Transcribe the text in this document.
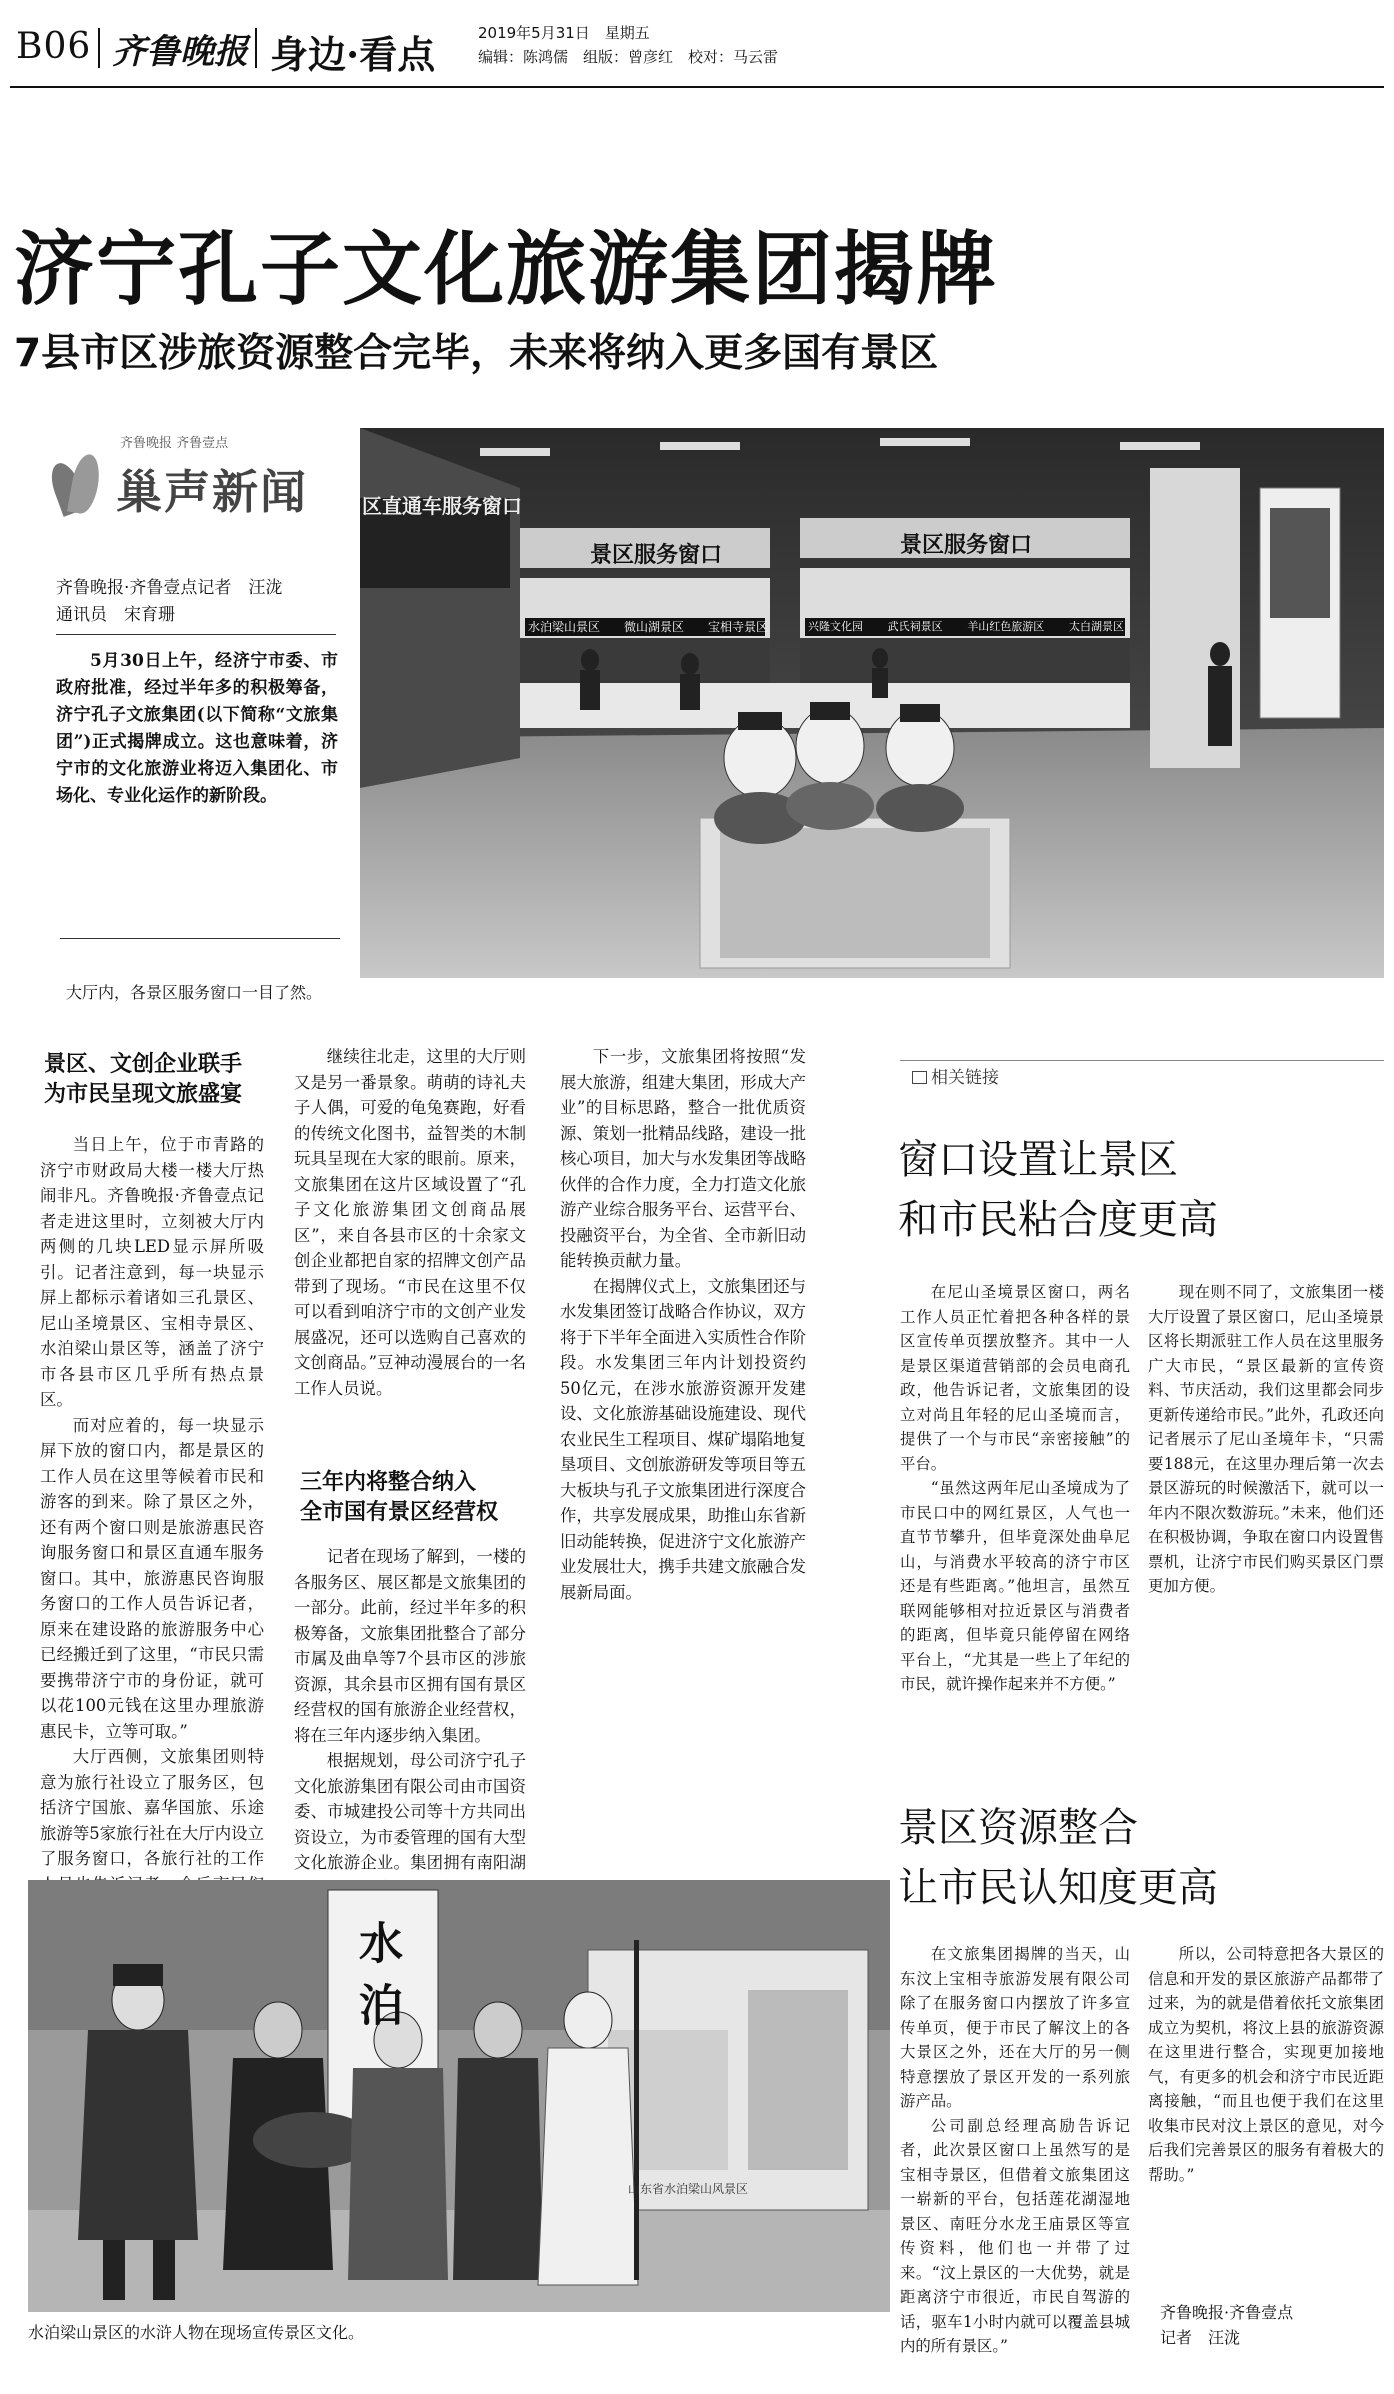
B06 齐鲁晚报 身边·看点	2019年5月31日　星期五
编辑：陈鸿儒　组版：曾彦红　校对：马云雷
济宁孔子文化旅游集团揭牌
7县市区涉旅资源整合完毕，未来将纳入更多国有景区
齐鲁晚报 齐鲁壹点
巢声新闻
齐鲁晚报·齐鲁壹点记者　汪泷
通讯员　宋育珊
5月30日上午，经济宁市委、市政府批准，经过半年多的积极筹备，济宁孔子文旅集团(以下简称“文旅集团”)正式揭牌成立。这也意味着，济宁市的文化旅游业将迈入集团化、市场化、专业化运作的新阶段。
区直通车服务窗口
景区服务窗口	景区服务窗口
水泊梁山景区 微山湖景区 宝相寺景区	兴隆文化园 武氏祠景区 羊山红色旅游区 太白湖景区
大厅内，各景区服务窗口一目了然。
景区、文创企业联手
为市民呈现文旅盛宴

当日上午，位于市青路的济宁市财政局大楼一楼大厅热闹非凡。齐鲁晚报·齐鲁壹点记者走进这里时，立刻被大厅内两侧的几块LED显示屏所吸引。记者注意到，每一块显示屏上都标示着诸如三孔景区、尼山圣境景区、宝相寺景区、水泊梁山景区等，涵盖了济宁市各县市区几乎所有热点景区。

而对应着的，每一块显示屏下放的窗口内，都是景区的工作人员在这里等候着市民和游客的到来。除了景区之外，还有两个窗口则是旅游惠民咨询服务窗口和景区直通车服务窗口。其中，旅游惠民咨询服务窗口的工作人员告诉记者，原来在建设路的旅游服务中心已经搬迁到了这里，“市民只需要携带济宁市的身份证，就可以花100元钱在这里办理旅游惠民卡，立等可取。”

大厅西侧，文旅集团则特意为旅行社设立了服务区，包括济宁国旅、嘉华国旅、乐途旅游等5家旅行社在大厅内设立了服务窗口，各旅行社的工作

继续往北走，这里的大厅则又是另一番景象。萌萌的诗礼夫子人偶，可爱的龟兔赛跑，好看的传统文化图书，益智类的木制玩具呈现在大家的眼前。原来，文旅集团在这片区域设置了“孔子文化旅游集团文创商品展区”，来自各县市区的十余家文创企业都把自家的招牌文创产品带到了现场。“市民在这里不仅可以看到咱济宁市的文创产业发展盛况，还可以选购自己喜欢的文创商品。”豆神动漫展台的一名工作人员说。

三年内将整合纳入
全市国有景区经营权

记者在现场了解到，一楼的各服务区、展区都是文旅集团的一部分。此前，经过半年多的积极筹备，文旅集团批整合了部分市属及曲阜等7个县市区的涉旅资源，其余县市区拥有国有景区经营权的国有旅游企业经营权，将在三年内逐步纳入集团。

根据规划，母公司济宁孔子文化旅游集团有限公司由市国资委、市城建投公司等十方共同出资设立，为市委管理的国有大型文化旅游企业。集团拥有南阳湖

下一步，文旅集团将按照“发展大旅游，组建大集团，形成大产业”的目标思路，整合一批优质资源、策划一批精品线路，建设一批核心项目，加大与水发集团等战略伙伴的合作力度，全力打造文化旅游产业综合服务平台、运营平台、投融资平台，为全省、全市新旧动能转换贡献力量。

在揭牌仪式上，文旅集团还与水发集团签订战略合作协议，双方将于下半年全面进入实质性合作阶段。水发集团三年内计划投资约50亿元，在涉水旅游资源开发建设、文化旅游基础设施建设、现代农业民生工程项目、煤矿塌陷地复垦项目、文创旅游研发等项目等五大板块与孔子文旅集团进行深度合作，共享发展成果，助推山东省新旧动能转换，促进济宁文化旅游产业发展壮大，携手共建文旅融合发展新局面。

相关链接
窗口设置让景区
和市民粘合度更高

在尼山圣境景区窗口，两名工作人员正忙着把各种各样的景区宣传单页摆放整齐。其中一人是景区渠道营销部的会员电商孔政，他告诉记者，文旅集团的设立对尚且年轻的尼山圣境而言，提供了一个与市民“亲密接触”的平台。

“虽然这两年尼山圣境成为了市民口中的网红景区，人气也一直节节攀升，但毕竟深处曲阜尼山，与消费水平较高的济宁市区还是有些距离。”他坦言，虽然互联网能够相对拉近景区与消费者的距离，但毕竟只能停留在网络平台上，“尤其是一些上了年纪的市民，就许操作起来并不方便。”

现在则不同了，文旅集团一楼大厅设置了景区窗口，尼山圣境景区将长期派驻工作人员在这里服务广大市民，“景区最新的宣传资料、节庆活动，我们这里都会同步更新传递给市民。”此外，孔政还向记者展示了尼山圣境年卡，“只需要188元，在这里办理后第一次去景区游玩的时候激活下，就可以一年内不限次数游玩。”未来，他们还在积极协调，争取在窗口内设置售票机，让济宁市民们购买景区门票更加方便。

景区资源整合
让市民认知度更高

在文旅集团揭牌的当天，山东汶上宝相寺旅游发展有限公司除了在服务窗口内摆放了许多宣传单页，便于市民了解汶上的各大景区之外，还在大厅的另一侧特意摆放了景区开发的一系列旅游产品。

公司副总经理高励告诉记者，此次景区窗口上虽然写的是宝相寺景区，但借着文旅集团这一崭新的平台，包括莲花湖湿地景区、南旺分水龙王庙景区等宣传资料，他们也一并带了过来。“汶上景区的一大优势，就是距离济宁市很近，市民自驾游的话，驱车1小时内就可以覆盖县城内的所有景区。”

所以，公司特意把各大景区的信息和开发的景区旅游产品都带了过来，为的就是借着依托文旅集团成立为契机，将汶上县的旅游资源在这里进行整合，实现更加接地气，有更多的机会和济宁市民近距离接触，“而且也便于我们在这里收集市民对汶上景区的意见，对今后我们完善景区的服务有着极大的帮助。”

齐鲁晚报·齐鲁壹点
记者　汪泷
水泊
山东省水泊梁山风景区
水泊梁山景区的水浒人物在现场宣传景区文化。
